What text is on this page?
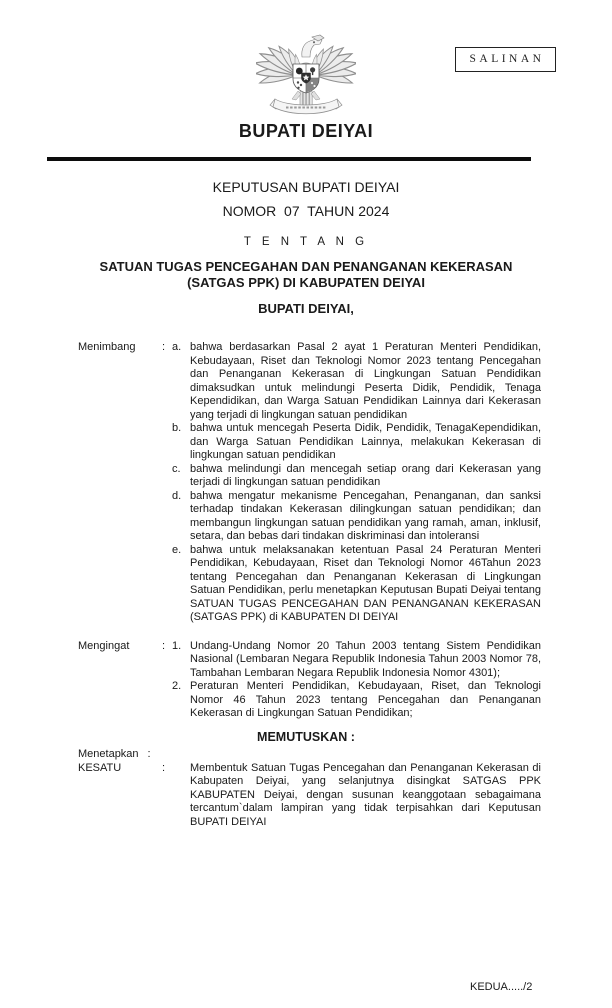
SALINAN
BUPATI DEIYAI
KEPUTUSAN BUPATI DEIYAI
NOMOR  07  TAHUN 2024
T E N T A N G
SATUAN TUGAS PENCEGAHAN DAN PENANGANAN KEKERASAN
(SATGAS PPK) DI KABUPATEN DEIYAI
BUPATI DEIYAI,
Menimbang	: a. bahwa berdasarkan Pasal 2 ayat 1 Peraturan Menteri Pendidikan, Kebudayaan, Riset dan Teknologi Nomor 2023 tentang Pencegahan dan Penanganan Kekerasan di Lingkungan Satuan Pendidikan dimaksudkan untuk melindungi Peserta Didik, Pendidik, Tenaga Kependidikan, dan Warga Satuan Pendidikan Lainnya dari Kekerasan yang terjadi di lingkungan satuan pendidikan
b. bahwa untuk mencegah Peserta Didik, Pendidik, TenagaKependidikan, dan Warga Satuan Pendidikan Lainnya, melakukan Kekerasan di lingkungan satuan pendidikan
c. bahwa melindungi dan mencegah setiap orang dari Kekerasan yang terjadi di lingkungan satuan pendidikan
d. bahwa mengatur mekanisme Pencegahan, Penanganan, dan sanksi terhadap tindakan Kekerasan dilingkungan satuan pendidikan; dan membangun lingkungan satuan pendidikan yang ramah, aman, inklusif, setara, dan bebas dari tindakan diskriminasi dan intoleransi
e. bahwa untuk melaksanakan ketentuan Pasal 24 Peraturan Menteri Pendidikan, Kebudayaan, Riset dan Teknologi Nomor 46Tahun 2023 tentang Pencegahan dan Penanganan Kekerasan di Lingkungan Satuan Pendidikan, perlu menetapkan Keputusan Bupati Deiyai tentang SATUAN TUGAS PENCEGAHAN DAN PENANGANAN KEKERASAN (SATGAS PPK) di KABUPATEN DI DEIYAI
Mengingat	: 1. Undang-Undang Nomor 20 Tahun 2003 tentang Sistem Pendidikan Nasional (Lembaran Negara Republik Indonesia Tahun 2003 Nomor 78, Tambahan Lembaran Negara Republik Indonesia Nomor 4301);
2. Peraturan Menteri Pendidikan, Kebudayaan, Riset, dan Teknologi Nomor 46 Tahun 2023 tentang Pencegahan dan Penanganan Kekerasan di Lingkungan Satuan Pendidikan;
MEMUTUSKAN :
Menetapkan :
KESATU	:	Membentuk Satuan Tugas Pencegahan dan Penanganan Kekerasan di Kabupaten Deiyai, yang selanjutnya disingkat SATGAS PPK KABUPATEN Deiyai, dengan susunan keanggotaan sebagaimana tercantum`dalam lampiran yang tidak terpisahkan dari Keputusan BUPATI DEIYAI
KEDUA...../2
